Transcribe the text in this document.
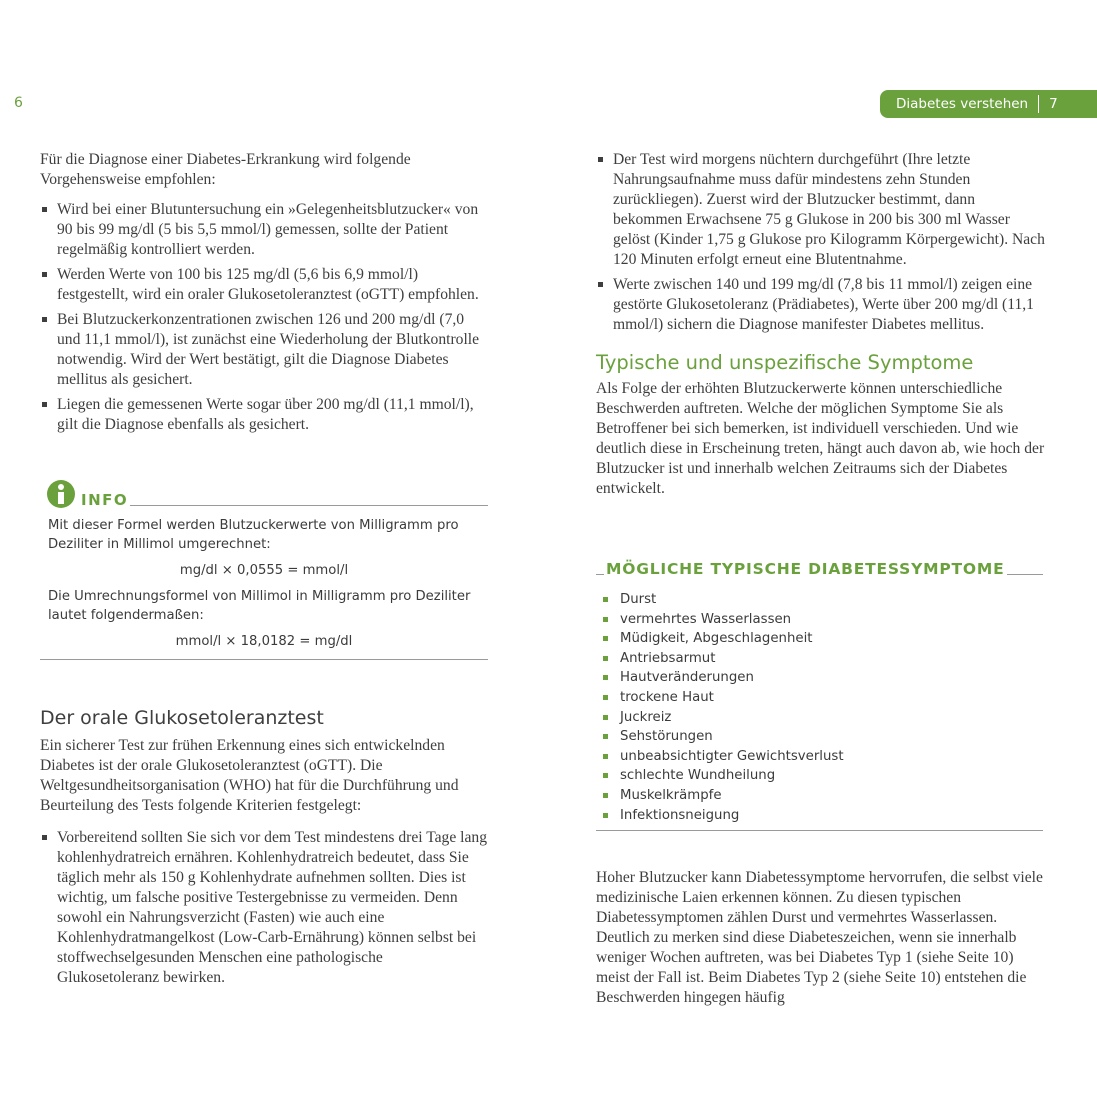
6	Diabetes verstehen 7

Für die Diagnose einer Diabetes-Erkrankung wird folgende Vorgehensweise empfohlen:

Wird bei einer Blutuntersuchung ein »Gelegenheitsblutzucker« von 90 bis 99 mg/dl (5 bis 5,5 mmol/l) gemessen, sollte der Patient regelmäßig kontrolliert werden.
Werden Werte von 100 bis 125 mg/dl (5,6 bis 6,9 mmol/l) festgestellt, wird ein oraler Glukosetoleranztest (oGTT) empfohlen.
Bei Blutzuckerkonzentrationen zwischen 126 und 200 mg/dl (7,0 und 11,1 mmol/l), ist zunächst eine Wiederholung der Blutkontrolle notwendig. Wird der Wert bestätigt, gilt die Diagnose Diabetes mellitus als gesichert.
Liegen die gemessenen Werte sogar über 200 mg/dl (11,1 mmol/l), gilt die Diagnose ebenfalls als gesichert.
INFO
Mit dieser Formel werden Blutzuckerwerte von Milligramm pro Deziliter in Millimol umgerechnet:
mg/dl × 0,0555 = mmol/l
Die Umrechnungsformel von Millimol in Milligramm pro Deziliter lautet folgendermaßen:
mmol/l × 18,0182 = mg/dl
Der orale Glukosetoleranztest

Ein sicherer Test zur frühen Erkennung eines sich entwickelnden Diabetes ist der orale Glukosetoleranztest (oGTT). Die Weltgesundheitsorganisation (WHO) hat für die Durchführung und Beurteilung des Tests folgende Kriterien festgelegt:

Vorbereitend sollten Sie sich vor dem Test mindestens drei Tage lang kohlenhydratreich ernähren. Kohlenhydratreich bedeutet, dass Sie täglich mehr als 150 g Kohlenhydrate aufnehmen sollten. Dies ist wichtig, um falsche positive Testergebnisse zu vermeiden. Denn sowohl ein Nahrungsverzicht (Fasten) wie auch eine Kohlenhydratmangelkost (Low-Carb-Ernährung) können selbst bei stoffwechselgesunden Menschen eine pathologische Glukosetoleranz bewirken.
Der Test wird morgens nüchtern durchgeführt (Ihre letzte Nahrungsaufnahme muss dafür mindestens zehn Stunden zurückliegen). Zuerst wird der Blutzucker bestimmt, dann bekommen Erwachsene 75 g Glukose in 200 bis 300 ml Wasser gelöst (Kinder 1,75 g Glukose pro Kilogramm Körpergewicht). Nach 120 Minuten erfolgt erneut eine Blutentnahme.
Werte zwischen 140 und 199 mg/dl (7,8 bis 11 mmol/l) zeigen eine gestörte Glukosetoleranz (Prädiabetes), Werte über 200 mg/dl (11,1 mmol/l) sichern die Diagnose manifester Diabetes mellitus.
Typische und unspezifische Symptome

Als Folge der erhöhten Blutzuckerwerte können unterschiedliche Beschwerden auftreten. Welche der möglichen Symptome Sie als Betroffener bei sich bemerken, ist individuell verschieden. Und wie deutlich diese in Erscheinung treten, hängt auch davon ab, wie hoch der Blutzucker ist und innerhalb welchen Zeitraums sich der Diabetes entwickelt.

MÖGLICHE TYPISCHE DIABETESSYMPTOME
Durst
vermehrtes Wasserlassen
Müdigkeit, Abgeschlagenheit
Antriebsarmut
Hautveränderungen
trockene Haut
Juckreiz
Sehstörungen
unbeabsichtigter Gewichtsverlust
schlechte Wundheilung
Muskelkrämpfe
Infektionsneigung

Hoher Blutzucker kann Diabetessymptome hervorrufen, die selbst viele medizinische Laien erkennen können. Zu diesen typischen Diabetessymptomen zählen Durst und vermehrtes Wasserlassen. Deutlich zu merken sind diese Diabeteszeichen, wenn sie innerhalb weniger Wochen auftreten, was bei Diabetes Typ 1 (siehe Seite 10) meist der Fall ist. Beim Diabetes Typ 2 (siehe Seite 10) entstehen die Beschwerden hingegen häufig
